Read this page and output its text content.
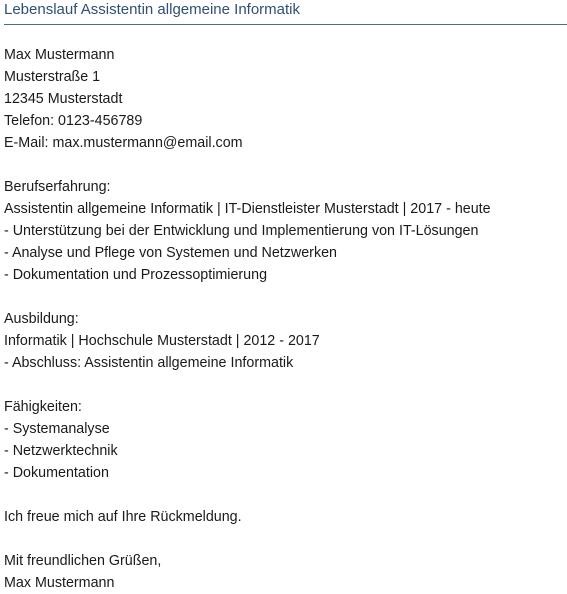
Lebenslauf Assistentin allgemeine Informatik
Max Mustermann
Musterstraße 1
12345 Musterstadt
Telefon: 0123-456789
E-Mail: max.mustermann@email.com
Berufserfahrung:
Assistentin allgemeine Informatik | IT-Dienstleister Musterstadt | 2017 - heute
- Unterstützung bei der Entwicklung und Implementierung von IT-Lösungen
- Analyse und Pflege von Systemen und Netzwerken
- Dokumentation und Prozessoptimierung
Ausbildung:
Informatik | Hochschule Musterstadt | 2012 - 2017
- Abschluss: Assistentin allgemeine Informatik
Fähigkeiten:
- Systemanalyse
- Netzwerktechnik
- Dokumentation
Ich freue mich auf Ihre Rückmeldung.
Mit freundlichen Grüßen,
Max Mustermann
